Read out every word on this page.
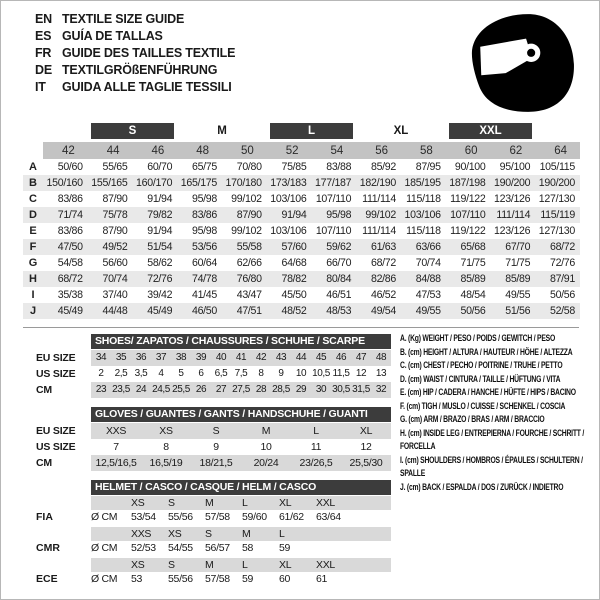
EN TEXTILE SIZE GUIDE
ES GUÍA DE TALLAS
FR GUIDE DES TAILLES TEXTILE
DE TEXTILGRÖßENFÜHRUNG
IT GUIDA ALLE TAGLIE TESSILI

		S		M		L		XL		XXL		

	42	44	46	48	50	52	54	56	58	60	62	64
A	50/60	55/65	60/70	65/75	70/80	75/85	83/88	85/92	87/95	90/100	95/100	105/115
B	150/160	155/165	160/170	165/175	170/180	173/183	177/187	182/190	185/195	187/198	190/200	190/200
C	83/86	87/90	91/94	95/98	99/102	103/106	107/110	111/114	115/118	119/122	123/126	127/130
D	71/74	75/78	79/82	83/86	87/90	91/94	95/98	99/102	103/106	107/110	111/114	115/119
E	83/86	87/90	91/94	95/98	99/102	103/106	107/110	111/114	115/118	119/122	123/126	127/130
F	47/50	49/52	51/54	53/56	55/58	57/60	59/62	61/63	63/66	65/68	67/70	68/72
G	54/58	56/60	58/62	60/64	62/66	64/68	66/70	68/72	70/74	71/75	71/75	72/76
H	68/72	70/74	72/76	74/78	76/80	78/82	80/84	82/86	84/88	85/89	85/89	87/91
I	35/38	37/40	39/42	41/45	43/47	45/50	46/51	46/52	47/53	48/54	49/55	50/56
J	45/49	44/48	45/49	46/50	47/51	48/52	48/53	49/54	49/55	50/56	51/56	52/58
SHOES/ ZAPATOS / CHAUSSURES / SCHUHE / SCARPE
EU SIZE	34 35 36 37 38 39 40 41 42 43 44 45 46 47 48
US SIZE	2	2,5 3,5	4	5	6	6,5 7,5	8	9	10 10,5 11,5 12 13
CM	23 23,5 24 24,5 25,5 26 27 27,5 28 28,5 29 30 30,5 31,5 32
GLOVES / GUANTES / GANTS / HANDSCHUHE / GUANTI
EU SIZE	XXS	XS	S	M	L	XL
US SIZE	7	8	9	10	11	12
CM	12,5/16,5	16,5/19	18/21,5	20/24	23/26,5	25,5/30
HELMET / CASCO / CASQUE / HELM / CASCO
XS	S	M	L	XL	XXL
FIA	Ø CM	53/54	55/56	57/58	59/60	61/62	63/64
XXS	XS	S	M	L
CMR	Ø CM	52/53	54/55	56/57	58	59
XS	S	M	L	XL	XXL
ECE	Ø CM	53	55/56	57/58	59	60	61
A. (Kg) WEIGHT / PESO / POIDS / GEWITCH / PESO
B. (cm) HEIGHT / ALTURA / HAUTEUR / HÖHE / ALTEZZA
C. (cm) CHEST / PECHO / POITRINE / TRUHE / PETTO
D. (cm) WAIST / CINTURA / TAILLE / HÜFTUNG / VITA
E. (cm) HIP / CADERA / HANCHE / HÜFTE / HIPS / BACINO
F. (cm) TIGH / MUSLO / CUISSE / SCHENKEL / COSCIA
G. (cm) ARM / BRAZO / BRAS / ARM / BRACCIO
H. (cm) INSIDE LEG / ENTREPIERNA / FOURCHE / SCHRITT / FORCELLA
I. (cm) SHOULDERS / HOMBROS / ÉPAULES / SCHULTERN / SPALLE
J. (cm) BACK / ESPALDA / DOS / ZURÜCK / INDIETRO
